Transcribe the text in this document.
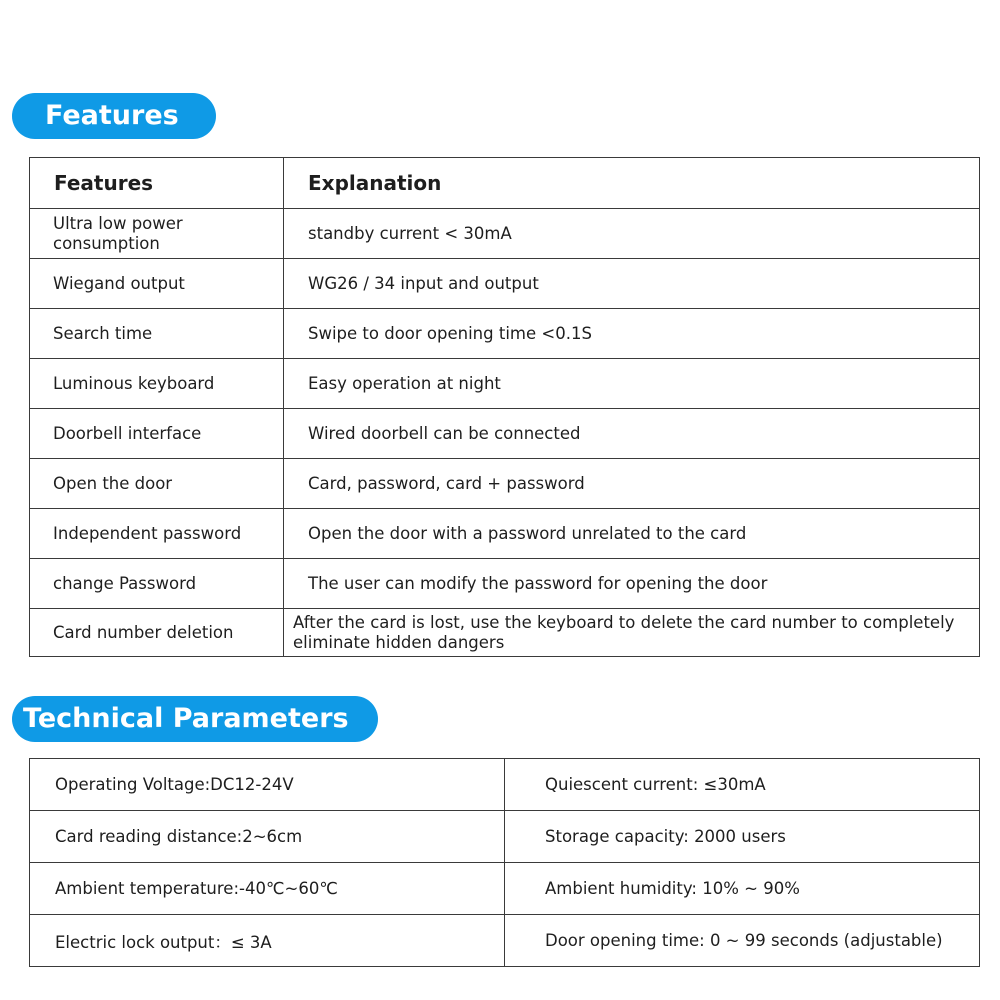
Features
Features	Explanation
Ultra low power consumption	standby current < 30mA
Wiegand output	WG26 / 34 input and output
Search time	Swipe to door opening time <0.1S
Luminous keyboard	Easy operation at night
Doorbell interface	Wired doorbell can be connected
Open the door	Card, password, card + password
Independent password	Open the door with a password unrelated to the card
change Password	The user can modify the password for opening the door
Card number deletion	After the card is lost, use the keyboard to delete the card number to completely eliminate hidden dangers
Technical Parameters
Operating Voltage:DC12-24V	Quiescent current: ≤30mA
Card reading distance:2~6cm	Storage capacity: 2000 users
Ambient temperature:-40℃~60℃	Ambient humidity: 10% ~ 90%
Electric lock output：≤ 3A	Door opening time: 0 ~ 99 seconds (adjustable)
